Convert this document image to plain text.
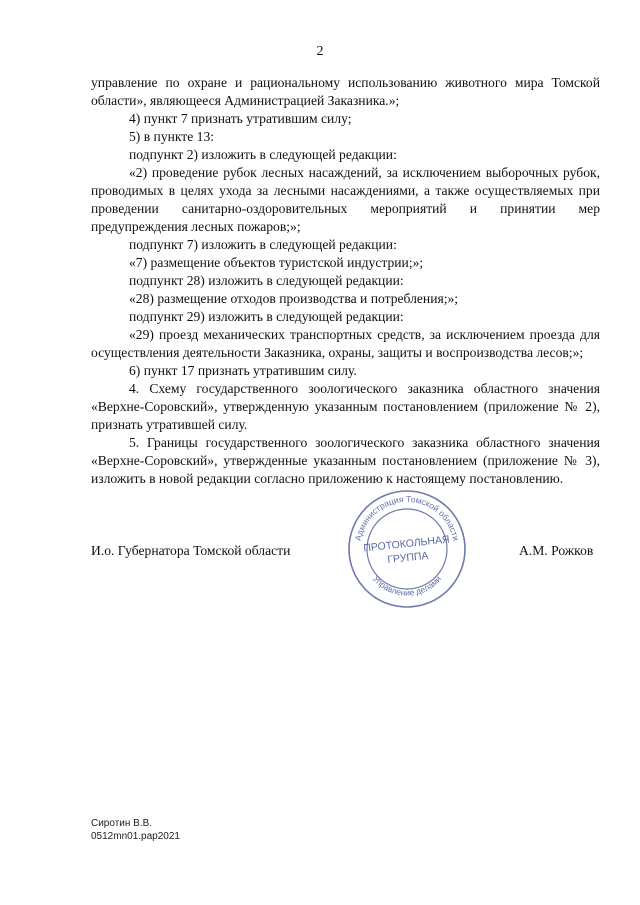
2

управление по охране и рациональному использованию животного мира Томской области», являющееся Администрацией Заказника.»;

4) пункт 7 признать утратившим силу;

5) в пункте 13:

подпункт 2) изложить в следующей редакции:

«2) проведение рубок лесных насаждений, за исключением выборочных рубок, проводимых в целях ухода за лесными насаждениями, а также осуществляемых при проведении санитарно-оздоровительных мероприятий и принятии мер предупреждения лесных пожаров;»;

подпункт 7) изложить в следующей редакции:

«7) размещение объектов туристской индустрии;»;

подпункт 28) изложить в следующей редакции:

«28) размещение отходов производства и потребления;»;

подпункт 29) изложить в следующей редакции:

«29) проезд механических транспортных средств, за исключением проезда для осуществления деятельности Заказника, охраны, защиты и воспроизводства лесов;»;

6) пункт 17 признать утратившим силу.

4. Схему государственного зоологического заказника областного значения «Верхне-Соровский», утвержденную указанным постановлением (приложение № 2), признать утратившей силу.

5. Границы государственного зоологического заказника областного значения «Верхне-Соровский», утвержденные указанным постановлением (приложение № 3), изложить в новой редакции согласно приложению к настоящему постановлению.

И.о. Губернатора Томской области
Администрация Томской области
Управление делами
ПРОТОКОЛЬНАЯ
ГРУППА	А.М. Рожков
Сиротин В.В.
0512mn01.pap2021
